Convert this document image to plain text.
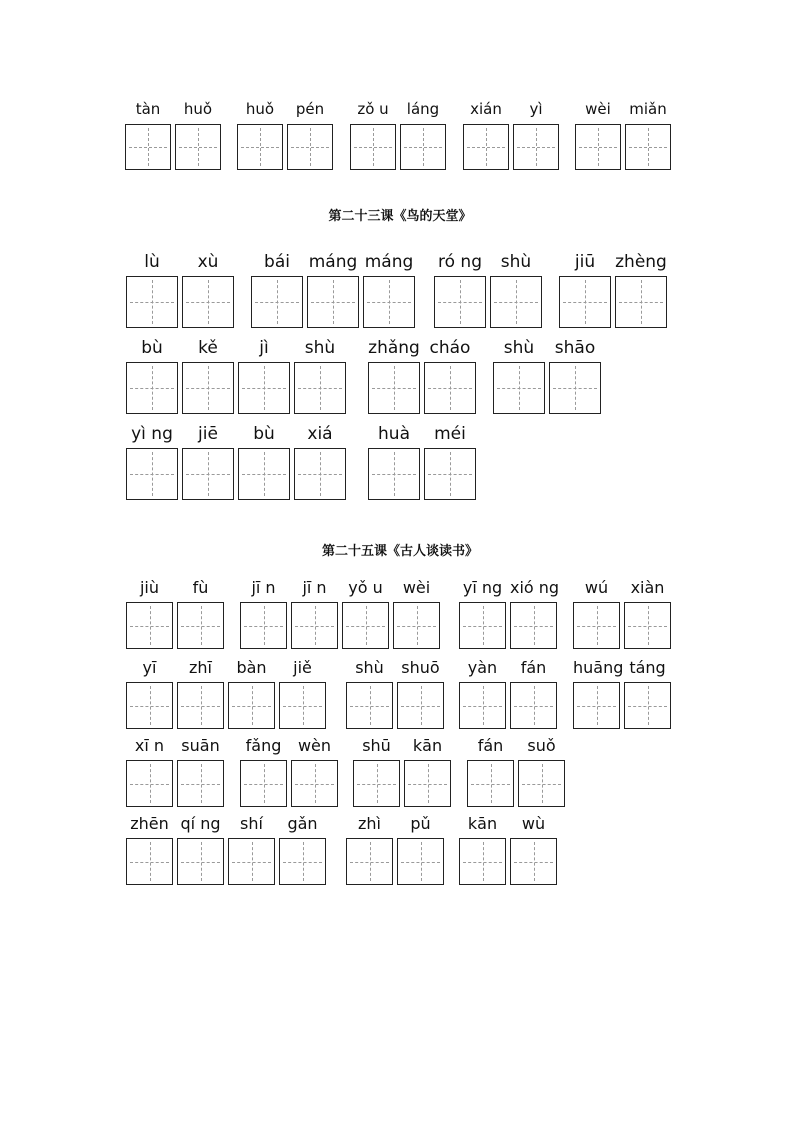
tàn	huǒ	huǒ	pén	zǒ u	láng	xián	yì	wèi	miǎn
第二十三课《鸟的天堂》
lù	xù	bái	máng máng ró ng	shù	jiū	zhèng
bù	kě	jì	shù	zhǎng cháo	shù	shāo
yì ng	jiē	bù	xiá	huà	méi
第二十五课《古人谈读书》
jiù	fù	jī n	jī n	yǒ u	wèi	yī ng xió ng	wú	xiàn
yī	zhī	bàn	jiě	shù	shuō	yàn	fán	huāng táng
xī n	suān	fǎng	wèn	shū	kān	fán	suǒ
zhēn qí ng	shí	gǎn	zhì	pǔ	kān	wù
